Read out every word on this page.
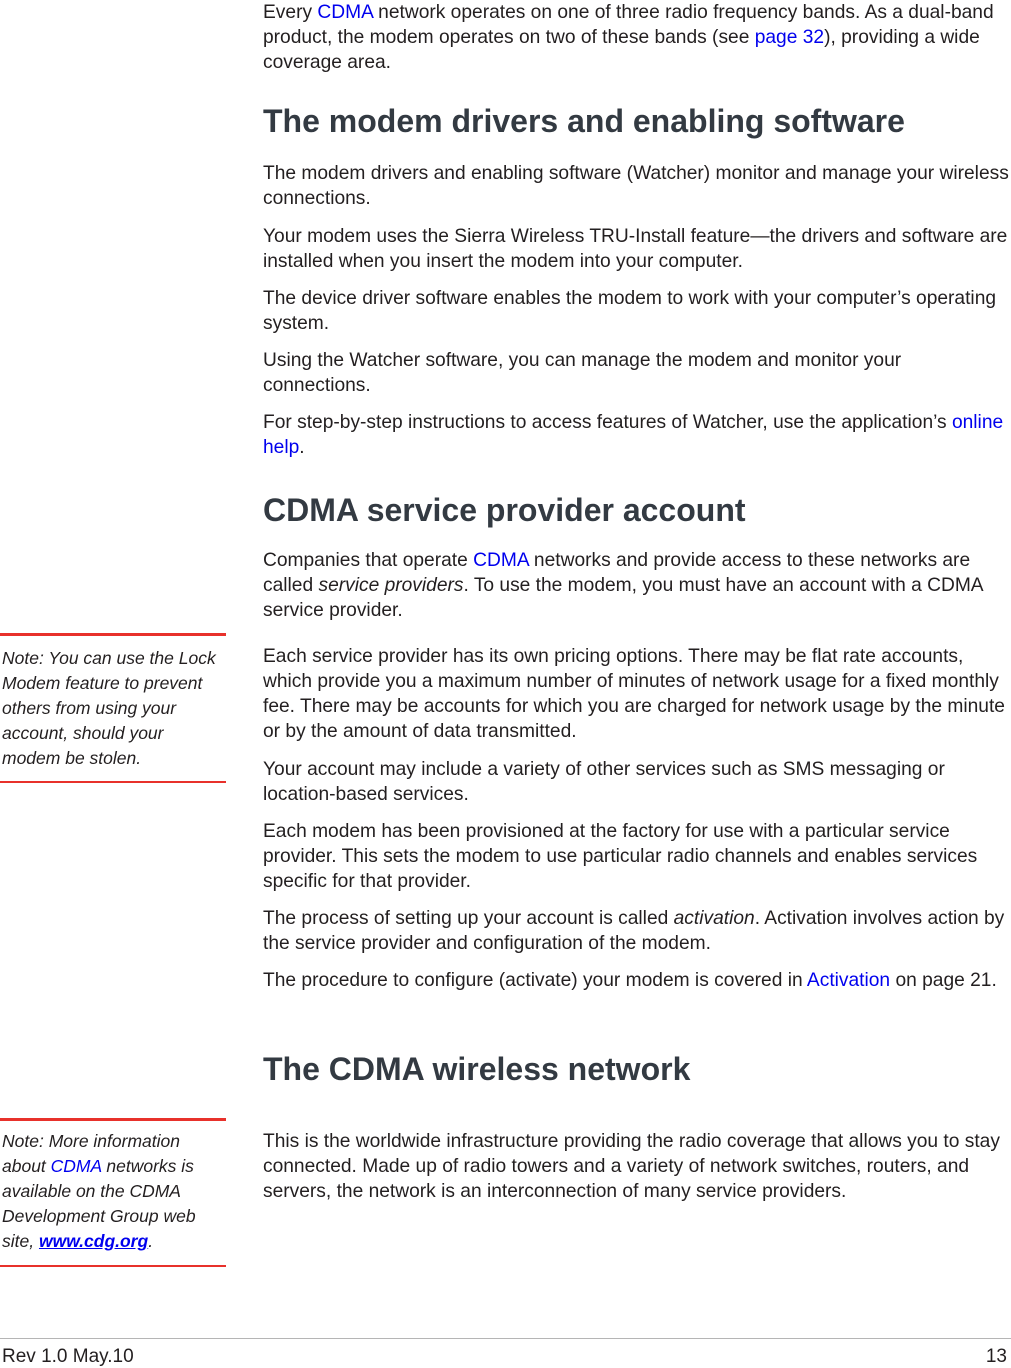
Every CDMA network operates on one of three radio frequency bands. As a dual-band product, the modem operates on two of these bands (see page 32), providing a wide coverage area.

The modem drivers and enabling software

The modem drivers and enabling software (Watcher) monitor and manage your wireless connections.

Your modem uses the Sierra Wireless TRU-Install feature—the drivers and software are installed when you insert the modem into your computer.

The device driver software enables the modem to work with your computer’s operating system.

Using the Watcher software, you can manage the modem and monitor your connections.

For step-by-step instructions to access features of Watcher, use the application’s online help.

CDMA service provider account

Companies that operate CDMA networks and provide access to these networks are called service providers. To use the modem, you must have an account with a CDMA service provider.

Each service provider has its own pricing options. There may be flat rate accounts, which provide you a maximum number of minutes of network usage for a fixed monthly fee. There may be accounts for which you are charged for network usage by the minute or by the amount of data transmitted.

Your account may include a variety of other services such as SMS messaging or location-based services.

Each modem has been provisioned at the factory for use with a particular service provider. This sets the modem to use particular radio channels and enables services specific for that provider.

The process of setting up your account is called activation. Activation involves action by the service provider and configuration of the modem.

The procedure to configure (activate) your modem is covered in Activation on page 21.

The CDMA wireless network

This is the worldwide infrastructure providing the radio coverage that allows you to stay connected. Made up of radio towers and a variety of network switches, routers, and servers, the network is an interconnection of many service providers.

Note: You can use the Lock Modem feature to prevent others from using your account, should your modem be stolen.
Note: More information about CDMA networks is available on the CDMA Development Group web site, www.cdg.org.
Rev 1.0 May.10	13
